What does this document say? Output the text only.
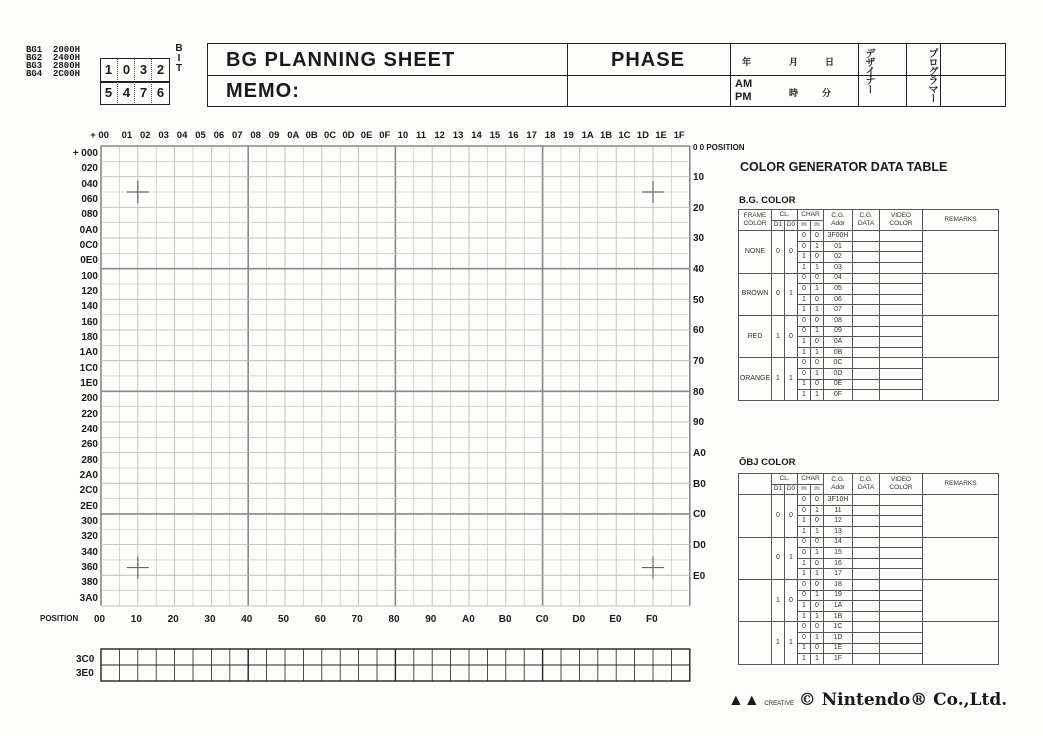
BG1  2000H
BG2  2400H
BG3  2800H
BG4  2C00H	1 0 3 2
5 4 7 6
B
I
T BG PLANNING SHEET
MEMO:
PHASE	年	月	日
AM
PM	時	分	デザイナー	プログラマー
+ 00 01 02 03 04 05 06 07 08 09 0A 0B 0C 0D 0E 0F 10 11 12 13 14 15 16 17 18 19 1A 1B 1C 1D 1E 1F
+ 000
020
040
060
080
0A0
0C0
0E0
100
120
140
160
180
1A0
1C0
1E0
200
220
240
260
280
2A0
2C0
2E0
300
320
340
360
380
3A0
10
20
30
40
50
60
70
80
90
A0
B0
C0
D0
E0
00	10	20	30	40	50	60	70	80	90	A0 B0 C0 D0 E0 F0
0 0 POSITION
POSITION
3C0
3E0
COLOR GENERATOR DATA TABLE
B.G. COLOR
ŌBJ COLOR
FRAME COLOR	CL.		CHAR		C.G. Addr	C.G. DATA	VIDEO COLOR	REMARKS
	D1	D0	m	m				
NONE	0	0	0	0	3F00H			
			0	1	01			
			1	0	02			
			1	1	03			
BROWN	0	1	0	0	04			
			0	1	05			
			1	0	06			
			1	1	07			
RED	1	0	0	0	08			
			0	1	09			
			1	0	0A			
			1	1	0B			
ORANGE	1	1	0	0	0C			
			0	1	0D			
			1	0	0E			
			1	1	0F			
	CL.		CHAR		C.G. Addr	C.G. DATA	VIDEO COLOR	REMARKS
	D1	D0	m	m				
	0	0	0	0	3F10H			
			0	1	11			
			1	0	12			
			1	1	13			
	0	1	0	0	14			
			0	1	15			
			1	0	16			
			1	1	17			
	1	0	0	0	18			
			0	1	19			
			1	0	1A			
			1	1	1B			
	1	1	0	0	1C			
			0	1	1D			
			1	0	1E			
			1	1	1F			
▲▲ CREATIVE © Nintendo® Co.,Ltd.
